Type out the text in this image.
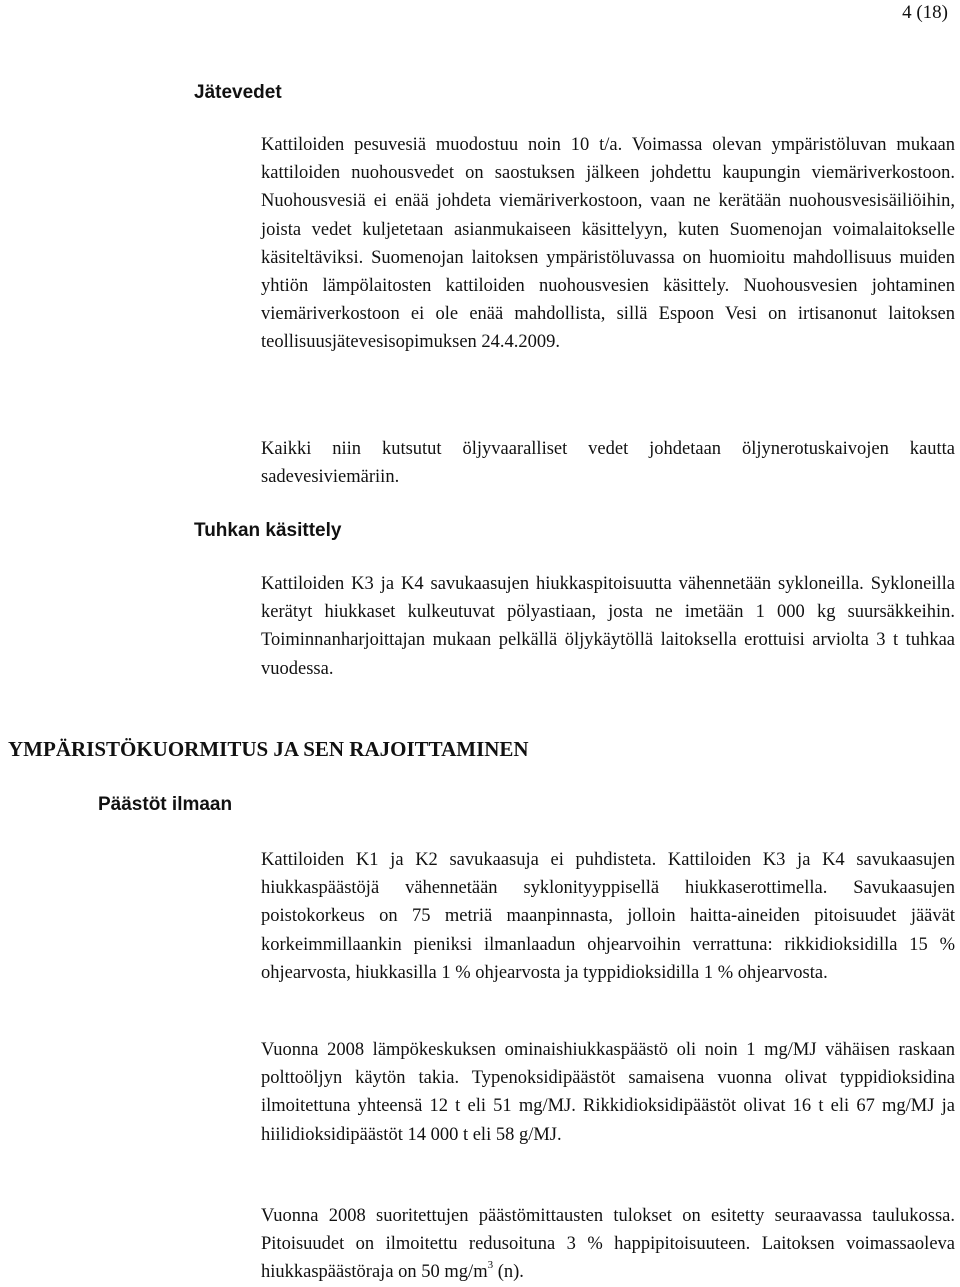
4 (18)
Jätevedet

Kattiloiden pesuvesiä muodostuu noin 10 t/a. Voimassa olevan ympäristöluvan mukaan kattiloiden nuohousvedet on saostuksen jälkeen johdettu kaupungin viemäriverkostoon. Nuohousvesiä ei enää johdeta viemäriverkostoon, vaan ne kerätään nuohousvesisäiliöihin, joista vedet kuljetetaan asianmukaiseen käsittelyyn, kuten Suomenojan voimalaitokselle käsiteltäviksi. Suomenojan laitoksen ympäristöluvassa on huomioitu mahdollisuus muiden yhtiön lämpölaitosten kattiloiden nuohousvesien käsittely. Nuohousvesien johtaminen viemäriverkostoon ei ole enää mahdollista, sillä Espoon Vesi on irtisanonut laitoksen teollisuusjätevesisopimuksen 24.4.2009.

Kaikki niin kutsutut öljyvaaralliset vedet johdetaan öljynerotuskaivojen kautta sadevesiviemäriin.

Tuhkan käsittely

Kattiloiden K3 ja K4 savukaasujen hiukkaspitoisuutta vähennetään sykloneilla. Sykloneilla kerätyt hiukkaset kulkeutuvat pölyastiaan, josta ne imetään 1 000 kg suursäkkeihin. Toiminnanharjoittajan mukaan pelkällä öljykäytöllä laitoksella erottuisi arviolta 3 t tuhkaa vuodessa.

YMPÄRISTÖKUORMITUS JA SEN RAJOITTAMINEN
Päästöt ilmaan

Kattiloiden K1 ja K2 savukaasuja ei puhdisteta. Kattiloiden K3 ja K4 savukaasujen hiukkaspäästöjä vähennetään syklonityyppisellä hiukkaserottimella. Savukaasujen poistokorkeus on 75 metriä maanpinnasta, jolloin haitta-aineiden pitoisuudet jäävät korkeimmillaankin pieniksi ilmanlaadun ohjearvoihin verrattuna: rikkidioksidilla 15 % ohjearvosta, hiukkasilla 1 % ohjearvosta ja typpidioksidilla 1 % ohjearvosta.

Vuonna 2008 lämpökeskuksen ominaishiukkaspäästö oli noin 1 mg/MJ vähäisen raskaan polttoöljyn käytön takia. Typenoksidipäästöt samaisena vuonna olivat typpidioksidina ilmoitettuna yhteensä 12 t eli 51 mg/MJ. Rikkidioksidipäästöt olivat 16 t eli 67 mg/MJ ja hiilidioksidipäästöt 14 000 t eli 58 g/MJ.

Vuonna 2008 suoritettujen päästömittausten tulokset on esitetty seuraavassa taulukossa. Pitoisuudet on ilmoitettu redusoituna 3 % happipitoisuuteen. Laitoksen voimassaoleva hiukkaspäästöraja on 50 $mg/m^3$ (n).
